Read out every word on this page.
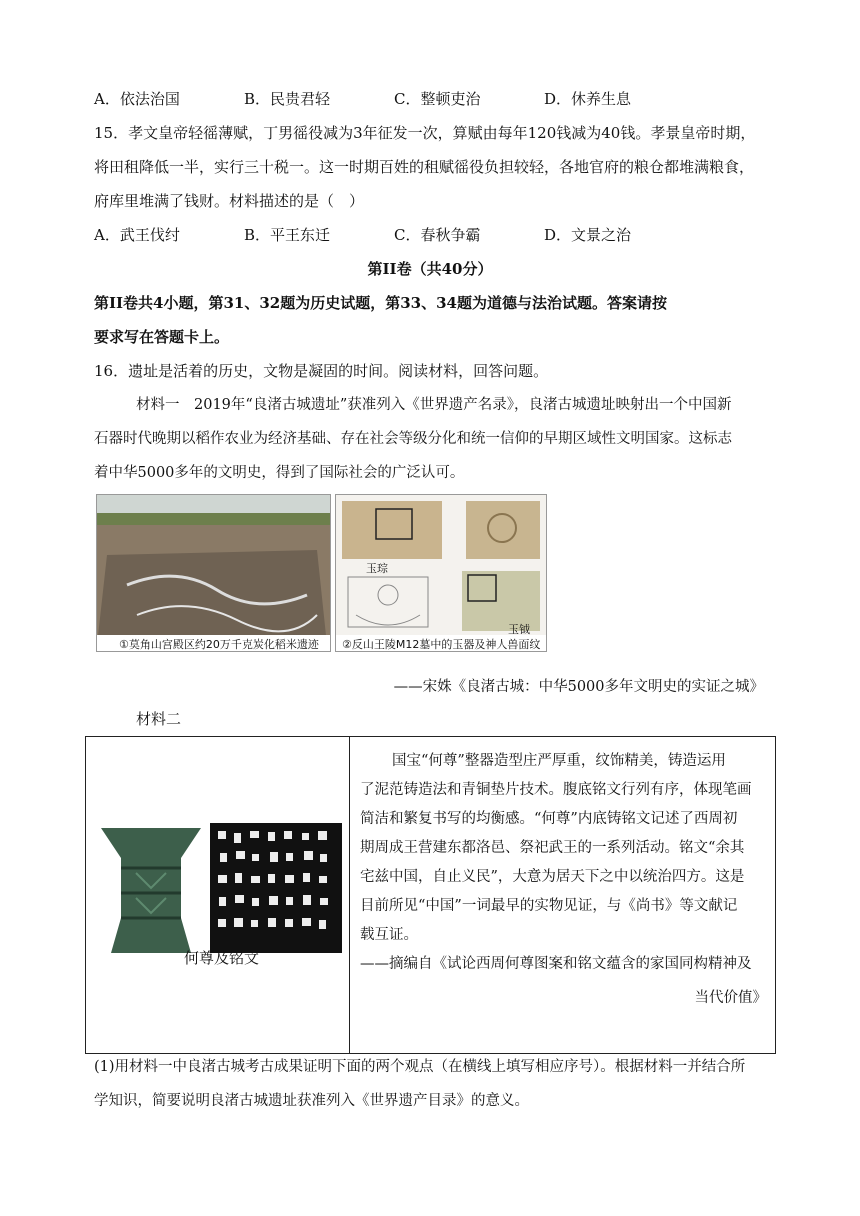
A．依法治国	B．民贵君轻	C．整顿吏治	D．休养生息
15．孝文皇帝轻徭薄赋，丁男徭役减为3年征发一次，算赋由每年120钱减为40钱。孝景皇帝时期，
将田租降低一半，实行三十税一。这一时期百姓的租赋徭役负担较轻，各地官府的粮仓都堆满粮食，
府库里堆满了钱财。材料描述的是（　）
A．武王伐纣	B．平王东迁	C．春秋争霸	D．文景之治
第II卷（共40分）
第II卷共4小题，第31、32题为历史试题，第33、34题为道德与法治试题。答案请按
要求写在答题卡上。
16．遗址是活着的历史，文物是凝固的时间。阅读材料，回答问题。
材料一　2019年“良渚古城遗址”获准列入《世界遗产名录》，良渚古城遗址映射出一个中国新
石器时代晚期以稻作农业为经济基础、存在社会等级分化和统一信仰的早期区域性文明国家。这标志
着中华5000多年的文明史，得到了国际社会的广泛认可。
①莫角山宫殿区约20万千克炭化稻米遗迹
玉琮
玉钺
②反山王陵M12墓中的玉器及神人兽面纹
——宋姝《良渚古城：中华5000多年文明史的实证之城》
材料二
何尊及铭文
国宝“何尊”整器造型庄严厚重，纹饰精美，铸造运用
了泥范铸造法和青铜垫片技术。腹底铭文行列有序，体现笔画
简洁和繁复书写的均衡感。“何尊”内底铸铭文记述了西周初
期周成王营建东都洛邑、祭祀武王的一系列活动。铭文“余其
宅兹中国，自止义民”，大意为居天下之中以统治四方。这是
目前所见“中国”一词最早的实物见证，与《尚书》等文献记
载互证。
——摘编自《试论西周何尊图案和铭文蕴含的家国同构精神及
当代价值》
(1)用材料一中良渚古城考古成果证明下面的两个观点（在横线上填写相应序号）。根据材料一并结合所
学知识，简要说明良渚古城遗址获准列入《世界遗产目录》的意义。
